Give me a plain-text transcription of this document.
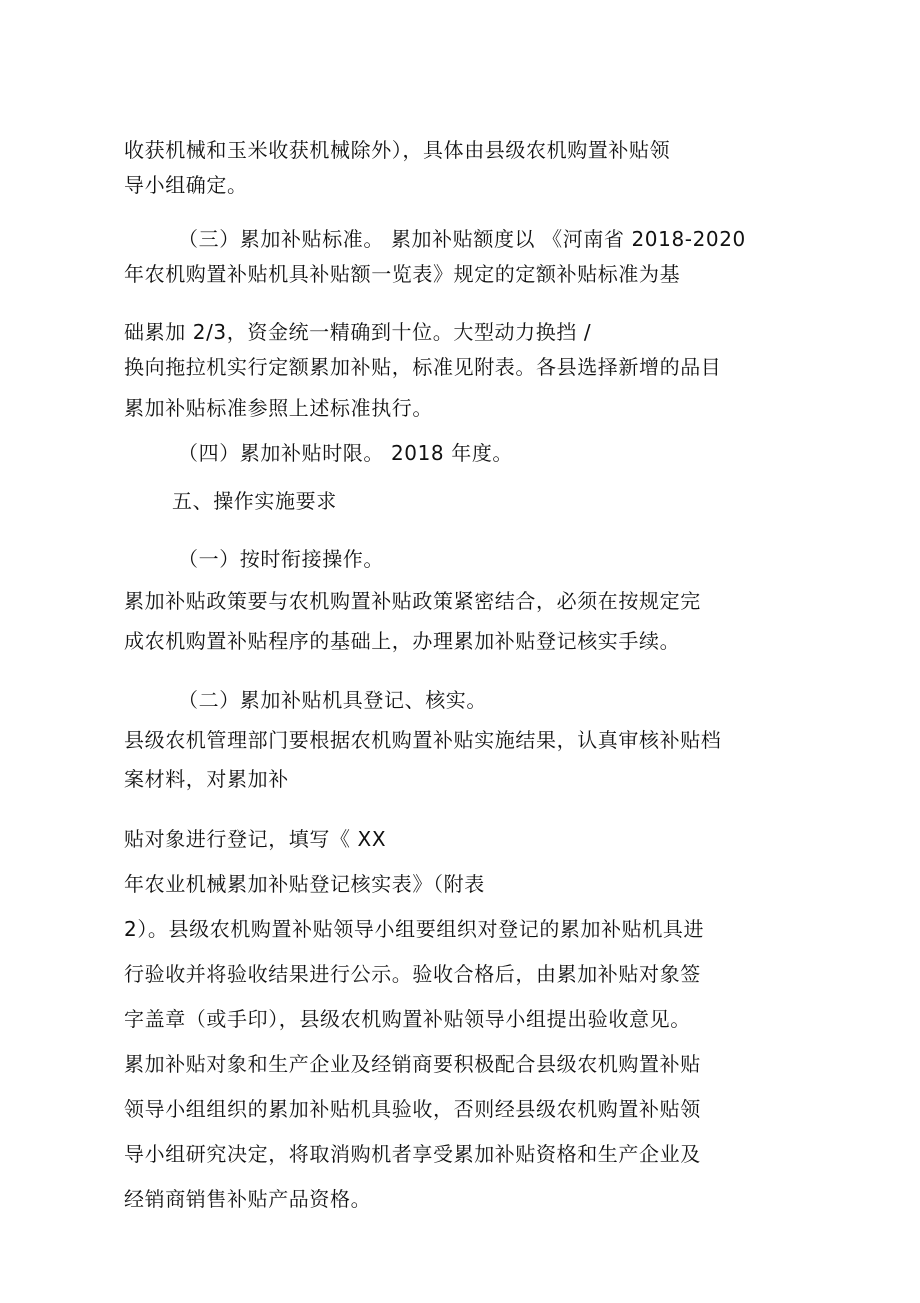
收获机械和玉米收获机械除外），具体由县级农机购置补贴领
导小组确定。
（三）累加补贴标准。 累加补贴额度以 《河南省 2018-2020
年农机购置补贴机具补贴额一览表》规定的定额补贴标准为基
础累加 2/3，资金统一精确到十位。大型动力换挡 /
换向拖拉机实行定额累加补贴，标准见附表。各县选择新增的品目
累加补贴标准参照上述标准执行。
（四）累加补贴时限。 2018 年度。
五、操作实施要求
（一）按时衔接操作。
累加补贴政策要与农机购置补贴政策紧密结合，必须在按规定完
成农机购置补贴程序的基础上，办理累加补贴登记核实手续。
（二）累加补贴机具登记、核实。
县级农机管理部门要根据农机购置补贴实施结果，认真审核补贴档
案材料，对累加补
贴对象进行登记，填写《 XX
年农业机械累加补贴登记核实表》（附表
2）。县级农机购置补贴领导小组要组织对登记的累加补贴机具进
行验收并将验收结果进行公示。验收合格后，由累加补贴对象签
字盖章（或手印），县级农机购置补贴领导小组提出验收意见。
累加补贴对象和生产企业及经销商要积极配合县级农机购置补贴
领导小组组织的累加补贴机具验收，否则经县级农机购置补贴领
导小组研究决定，将取消购机者享受累加补贴资格和生产企业及
经销商销售补贴产品资格。
